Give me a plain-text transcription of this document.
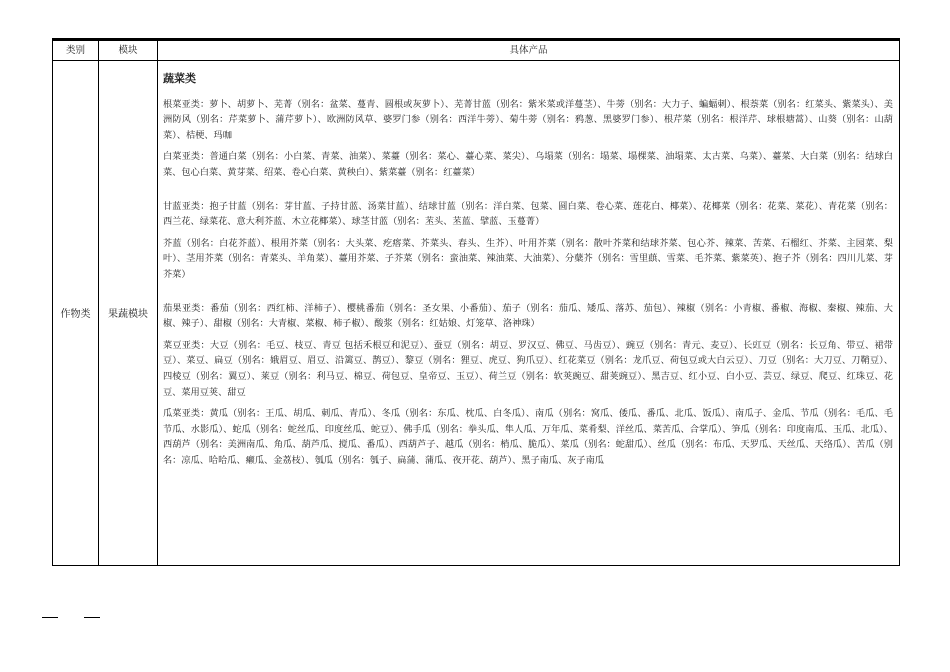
类别	模块	具体产品
作物类	果蔬模块
蔬菜类

根菜亚类：萝卜、胡萝卜、芜菁（别名：盆菜、蔓青、圆根或灰萝卜）、芜菁甘蓝（别名：紫米菜或洋蔓茎）、牛蒡（别名：大力子、蝙蝠刺）、根萘菜（别名：红菜头、紫菜头）、美洲防风（别名：芹菜萝卜、蒲芹萝卜）、欧洲防风草、婆罗门参（别名：西洋牛蒡）、菊牛蒡（别名：鸦葱、黑婆罗门参）、根芹菜（别名：根洋芹、球根塘蒿）、山葵（别名：山葫菜）、桔梗、玛咖

白菜亚类：普通白菜（别名：小白菜、青菜、油菜）、菜薹（别名：菜心、薹心菜、菜尖）、乌塌菜（别名：塌菜、塌棵菜、油塌菜、太古菜、乌菜）、薹菜、大白菜（别名：结球白菜、包心白菜、黄芽菜、绍菜、卷心白菜、黄秧白）、紫菜薹（别名：红薹菜）

甘蓝亚类：抱子甘蓝（别名：芽甘蓝、子持甘蓝、汤菜甘蓝）、结球甘蓝（别名：洋白菜、包菜、圆白菜、卷心菜、莲花白、椰菜）、花椰菜（别名：花菜、菜花）、青花菜（别名：西兰花、绿菜花、意大利芥蓝、木立花椰菜）、球茎甘蓝（别名：苤头、苤蓝、擘蓝、玉蔓菁）

芥蓝（别名：白花芥蓝）、根用芥菜（别名：大头菜、疙瘩菜、芥菜头、春头、生芥）、叶用芥菜（别名：散叶芥菜和结球芥菜、包心芥、辣菜、苦菜、石榴红、芥菜、主园菜、梨叶）、茎用芥菜（别名：青菜头、羊角菜）、薹用芥菜、子芥菜（别名：蛮油菜、辣油菜、大油菜）、分蘖芥（别名：雪里蕻、雪菜、毛芥菜、紫菜英）、抱子芥（别名：四川儿菜、芽芥菜）

茄果亚类：番茄（别名：西红柿、洋柿子）、樱桃番茄（别名：圣女果、小番茄）、茄子（别名：茄瓜、矮瓜、落苏、茄包）、辣椒（别名：小青椒、番椒、海椒、秦椒、辣茄、大椒、辣子）、甜椒（别名：大青椒、菜椒、柿子椒）、酸浆（别名：红姑娘、灯笼草、洛神珠）

菜豆亚类：大豆（别名：毛豆、枝豆、青豆 包括禾根豆和泥豆）、蚕豆（别名：胡豆、罗汉豆、佛豆、马齿豆）、豌豆（别名：青元、麦豆）、长豇豆（别名：长豆角、带豆、裙带豆）、菜豆、扁豆（别名：娥眉豆、眉豆、沿篱豆、鹊豆）、黎豆（别名：狸豆、虎豆、狗爪豆）、红花菜豆（别名：龙爪豆、荷包豆或大白云豆）、刀豆（别名：大刀豆、刀鞘豆）、四棱豆（别名：翼豆）、莱豆（别名：利马豆、棉豆、荷包豆、皇帝豆、玉豆）、荷兰豆（别名：软荚豌豆、甜荚豌豆）、黑吉豆、红小豆、白小豆、芸豆、绿豆、爬豆、红珠豆、花豆、菜用豆荚、甜豆

瓜菜亚类：黄瓜（别名：王瓜、胡瓜、刺瓜、青瓜）、冬瓜（别名：东瓜、枕瓜、白冬瓜）、南瓜（别名：窝瓜、倭瓜、番瓜、北瓜、饭瓜）、南瓜子、金瓜、节瓜（别名：毛瓜、毛节瓜、水影瓜）、蛇瓜（别名：蛇丝瓜、印度丝瓜、蛇豆）、佛手瓜（别名：拳头瓜、隼人瓜、万年瓜、菜肴梨、洋丝瓜、菜苦瓜、合掌瓜）、笋瓜（别名：印度南瓜、玉瓜、北瓜）、西葫芦（别名：美洲南瓜、角瓜、葫芦瓜、搅瓜、番瓜）、西葫芦子、越瓜（别名：梢瓜、脆瓜）、菜瓜（别名：蛇甜瓜）、丝瓜（别名：布瓜、天罗瓜、天丝瓜、天络瓜）、苦瓜（别名：凉瓜、哈哈瓜、癞瓜、金荔枝）、瓠瓜（别名：瓠子、扁蒲、蒲瓜、夜开花、葫芦）、黑子南瓜、灰子南瓜
